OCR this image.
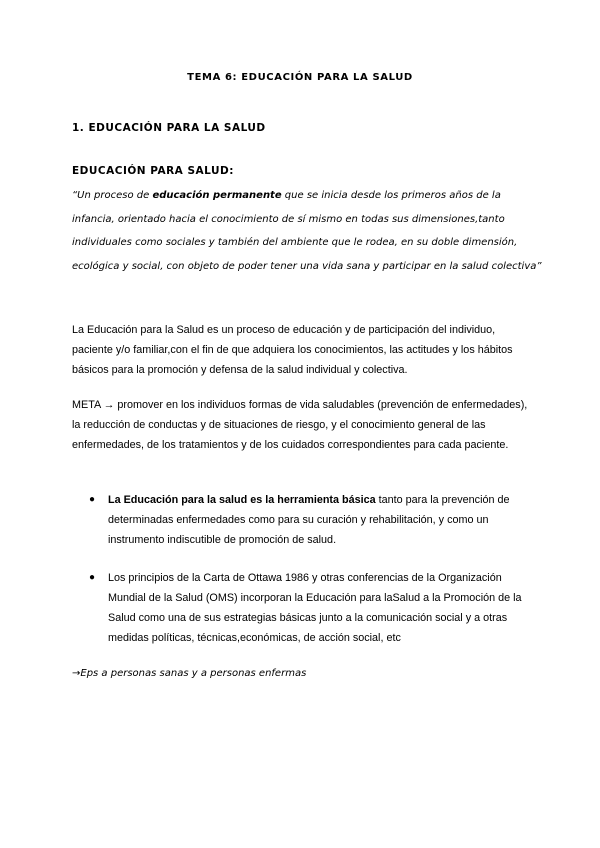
TEMA 6: EDUCACIÓN PARA LA SALUD
1. EDUCACIÓN PARA LA SALUD
EDUCACIÓN PARA SALUD:

“Un proceso de educación permanente que se inicia desde los primeros años de la infancia, orientado hacia el conocimiento de sí mismo en todas sus dimensiones,tanto individuales como sociales y también del ambiente que le rodea, en su doble dimensión, ecológica y social, con objeto de poder tener una vida sana y participar en la salud colectiva”

La Educación para la Salud es un proceso de educación y de participación del individuo, paciente y/o familiar,con el fin de que adquiera los conocimientos, las actitudes y los hábitos básicos para la promoción y defensa de la salud individual y colectiva.

META → promover en los individuos formas de vida saludables (prevención de enfermedades), la reducción de conductas y de situaciones de riesgo, y el conocimiento general de las enfermedades, de los tratamientos y de los cuidados correspondientes para cada paciente.

● La Educación para la salud es la herramienta básica tanto para la prevención de determinadas enfermedades como para su curación y rehabilitación, y como un instrumento indiscutible de promoción de salud.
● Los principios de la Carta de Ottawa 1986 y otras conferencias de la Organización Mundial de la Salud (OMS) incorporan la Educación para laSalud a la Promoción de la Salud como una de sus estrategias básicas junto a la comunicación social y a otras medidas políticas, técnicas,económicas, de acción social, etc
→Eps a personas sanas y a personas enfermas
